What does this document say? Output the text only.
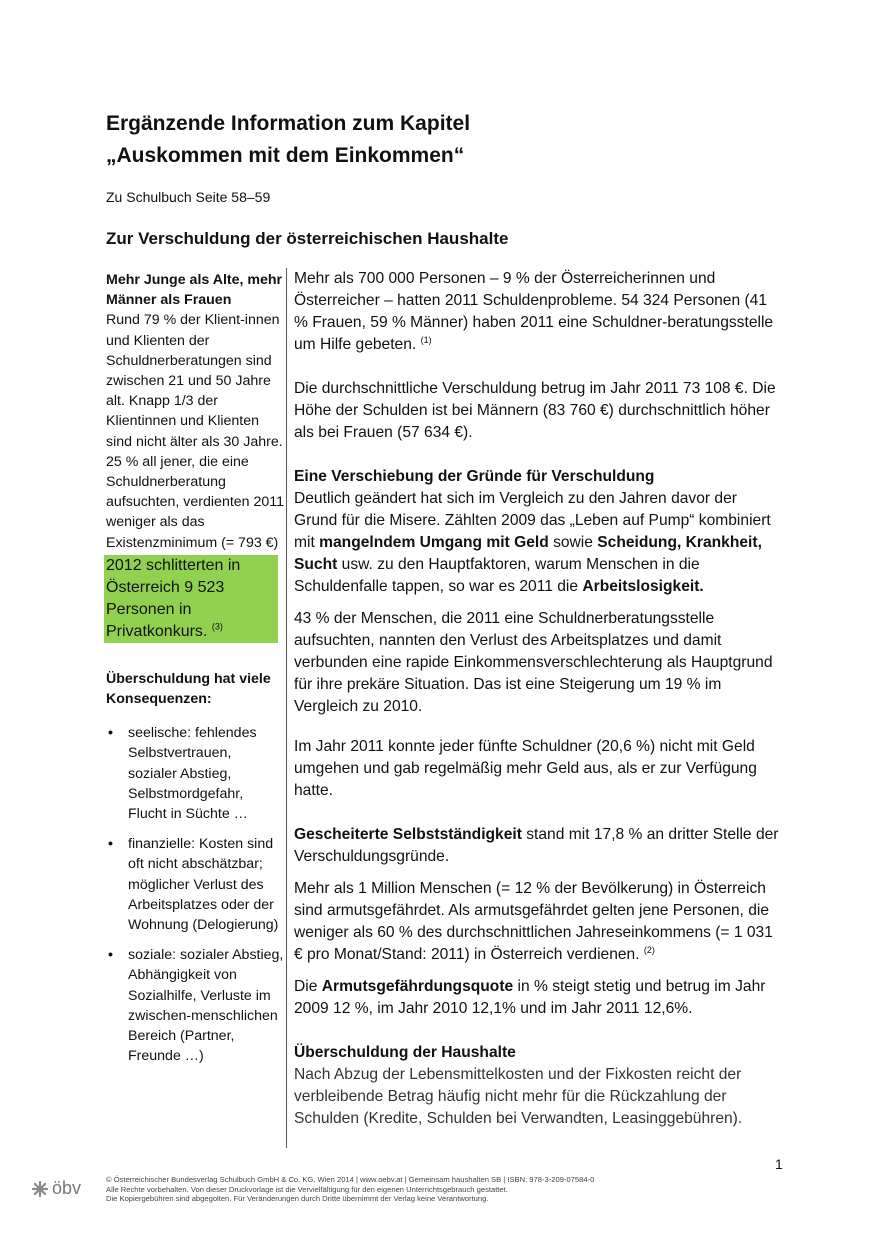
Ergänzende Information zum Kapitel
„Auskommen mit dem Einkommen“
Zu Schulbuch Seite 58–59
Zur Verschuldung der österreichischen Haushalte
Mehr Junge als Alte, mehr Männer als Frauen
Rund 79 % der Klient-innen und Klienten der Schuldnerberatungen sind zwischen 21 und 50 Jahre alt. Knapp 1/3 der Klientinnen und Klienten sind nicht älter als 30 Jahre. 25 % all jener, die eine Schuldnerberatung aufsuchten, verdienten 2011 weniger als das Existenzminimum (= 793 €)
2012 schlitterten in Österreich 9 523 Personen in Privatkonkurs. $^{(3)}$
Überschuldung hat viele Konsequenzen:
• seelische: fehlendes Selbstvertrauen, sozialer Abstieg, Selbstmordgefahr, Flucht in Süchte …
• finanzielle: Kosten sind oft nicht abschätzbar; möglicher Verlust des Arbeitsplatzes oder der Wohnung (Delogierung)
• soziale: sozialer Abstieg, Abhängigkeit von Sozialhilfe, Verluste im zwischen-menschlichen Bereich (Partner, Freunde …)

Mehr als 700 000 Personen – 9 % der Österreicherinnen und Österreicher – hatten 2011 Schuldenprobleme. 54 324 Personen (41 % Frauen, 59 % Männer) haben 2011 eine Schuldner-beratungsstelle um Hilfe gebeten. $^{(1)}$

Die durchschnittliche Verschuldung betrug im Jahr 2011 73 108 €. Die Höhe der Schulden ist bei Männern (83 760 €) durchschnittlich höher als bei Frauen (57 634 €).

Eine Verschiebung der Gründe für Verschuldung

Deutlich geändert hat sich im Vergleich zu den Jahren davor der Grund für die Misere. Zählten 2009 das „Leben auf Pump“ kombiniert mit mangelndem Umgang mit Geld sowie Scheidung, Krankheit, Sucht usw. zu den Hauptfaktoren, warum Menschen in die Schuldenfalle tappen, so war es 2011 die Arbeitslosigkeit.

43 % der Menschen, die 2011 eine Schuldnerberatungsstelle aufsuchten, nannten den Verlust des Arbeitsplatzes und damit verbunden eine rapide Einkommensverschlechterung als Hauptgrund für ihre prekäre Situation. Das ist eine Steigerung um 19 % im Vergleich zu 2010.

Im Jahr 2011 konnte jeder fünfte Schuldner (20,6 %) nicht mit Geld umgehen und gab regelmäßig mehr Geld aus, als er zur Verfügung hatte.

Gescheiterte Selbstständigkeit stand mit 17,8 % an dritter Stelle der Verschuldungsgründe.

Mehr als 1 Million Menschen (= 12 % der Bevölkerung) in Österreich sind armutsgefährdet. Als armutsgefährdet gelten jene Personen, die weniger als 60 % des durchschnittlichen Jahreseinkommens (= 1 031 € pro Monat/Stand: 2011) in Österreich verdienen. $^{(2)}$

Die Armutsgefährdungsquote in % steigt stetig und betrug im Jahr 2009 12 %, im Jahr 2010 12,1% und im Jahr 2011 12,6%.

Überschuldung der Haushalte

Nach Abzug der Lebensmittelkosten und der Fixkosten reicht der verbleibende Betrag häufig nicht mehr für die Rückzahlung der Schulden (Kredite, Schulden bei Verwandten, Leasinggebühren).

1
öbv	© Österreichischer Bundesverlag Schulbuch GmbH & Co. KG, Wien 2014 | www.oebv.at | Gemeinsam haushalten SB | ISBN: 978-3-209-07584-0
Alle Rechte vorbehalten. Von dieser Druckvorlage ist die Vervielfältigung für den eigenen Unterrichtsgebrauch gestattet.
Die Kopiergebühren sind abgegolten. Für Veränderungen durch Dritte übernimmt der Verlag keine Verantwortung.
